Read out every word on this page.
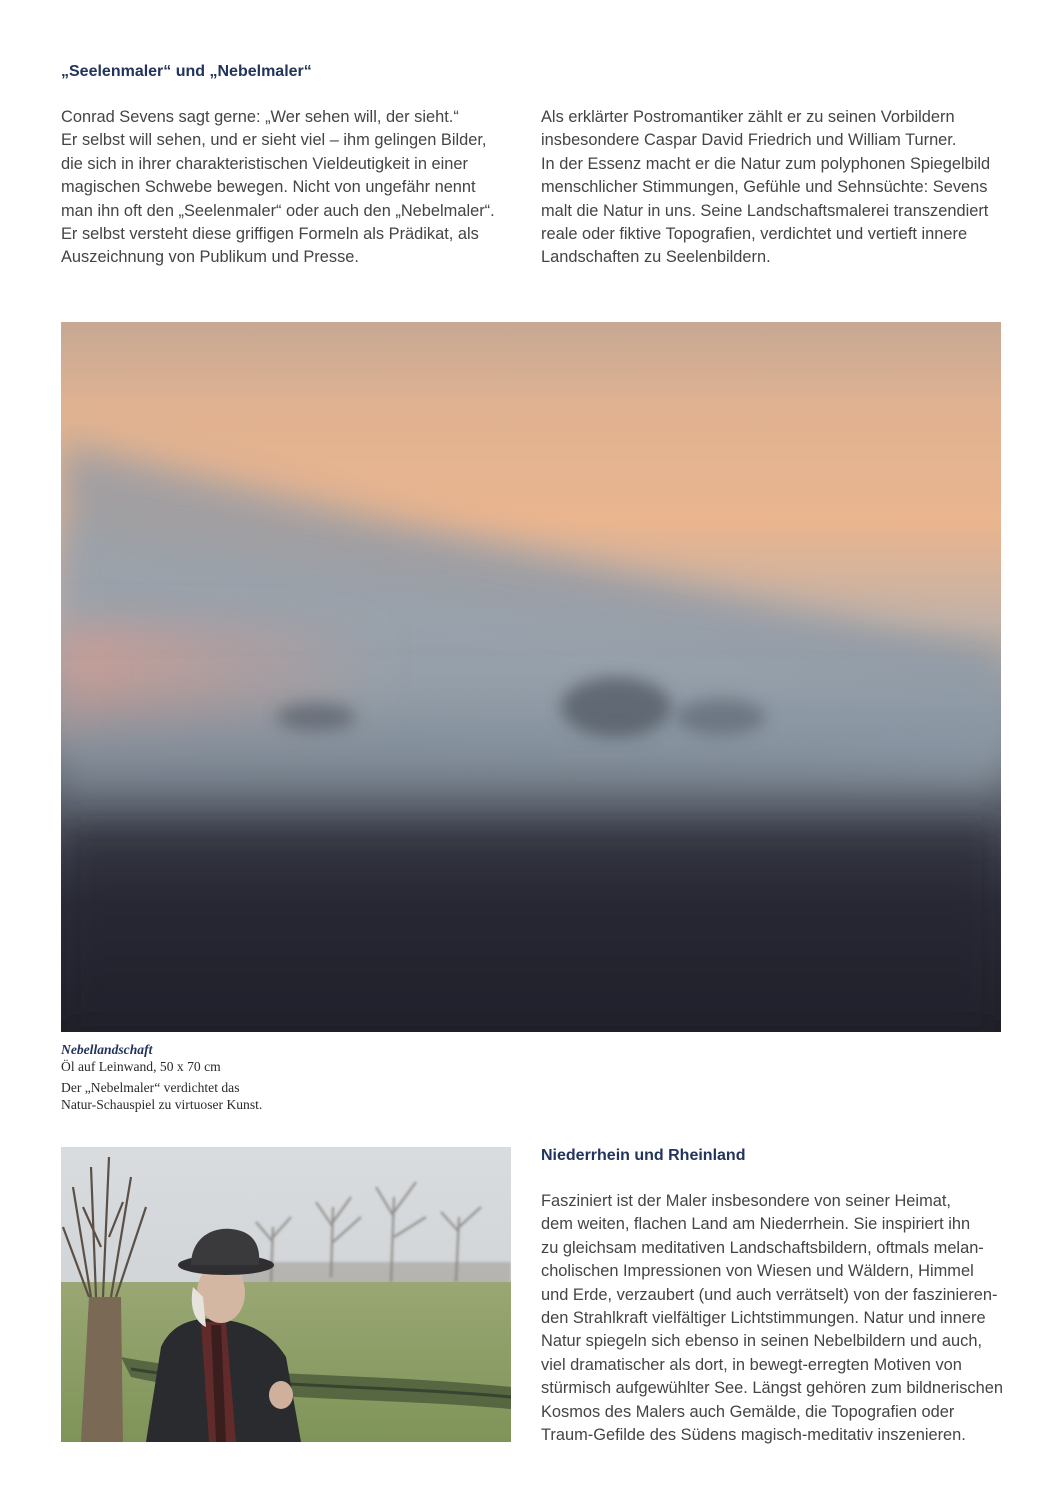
„Seelenmaler“ und „Nebelmaler“
Conrad Sevens sagt gerne: „Wer sehen will, der sieht.“
Er selbst will sehen, und er sieht viel – ihm gelingen Bilder,
die sich in ihrer charakteristischen Vieldeutigkeit in einer
magischen Schwebe bewegen. Nicht von ungefähr nennt
man ihn oft den „Seelenmaler“ oder auch den „Nebelmaler“.
Er selbst versteht diese griffigen Formeln als Prädikat, als
Auszeichnung von Publikum und Presse.
Als erklärter Postromantiker zählt er zu seinen Vorbildern
insbesondere Caspar David Friedrich und William Turner.
In der Essenz macht er die Natur zum polyphonen Spiegelbild
menschlicher Stimmungen, Gefühle und Sehnsüchte: Sevens
malt die Natur in uns. Seine Landschaftsmalerei transzendiert
reale oder fiktive Topografien, verdichtet und vertieft innere
Landschaften zu Seelenbildern.
Nebellandschaft
Öl auf Leinwand, 50 x 70 cm
Der „Nebelmaler“ verdichtet das
Natur-Schauspiel zu virtuoser Kunst.
Niederrhein und Rheinland
Fasziniert ist der Maler insbesondere von seiner Heimat,
dem weiten, flachen Land am Niederrhein. Sie inspiriert ihn
zu gleichsam meditativen Landschaftsbildern, oftmals melan-
cholischen Impressionen von Wiesen und Wäldern, Himmel
und Erde, verzaubert (und auch verrätselt) von der faszinieren-
den Strahlkraft vielfältiger Lichtstimmungen. Natur und innere
Natur spiegeln sich ebenso in seinen Nebelbildern und auch,
viel dramatischer als dort, in bewegt-erregten Motiven von
stürmisch aufgewühlter See. Längst gehören zum bildnerischen
Kosmos des Malers auch Gemälde, die Topografien oder
Traum-Gefilde des Südens magisch-meditativ inszenieren.
